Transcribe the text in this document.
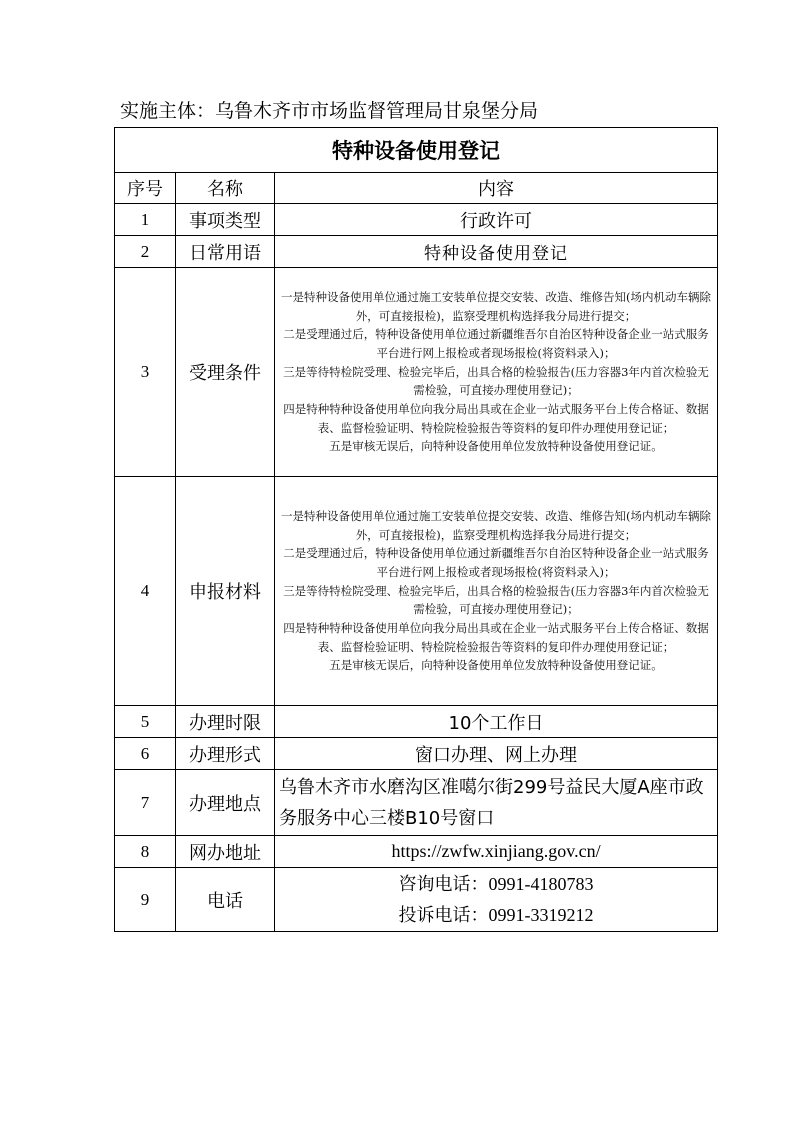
实施主体：乌鲁木齐市市场监督管理局甘泉堡分局
特种设备使用登记		
序号	名称	内容
1	事项类型	行政许可
2	日常用语	特种设备使用登记
3	受理条件	一是特种设备使用单位通过施工安装单位提交安装、改造、维修告知(场内机动车辆除外，可直接报检)，监察受理机构选择我分局进行提交；
二是受理通过后，特种设备使用单位通过新疆维吾尔自治区特种设备企业一站式服务平台进行网上报检或者现场报检(将资料录入)；
三是等待特检院受理、检验完毕后，出具合格的检验报告(压力容器3年内首次检验无需检验，可直接办理使用登记)；
四是特种特种设备使用单位向我分局出具或在企业一站式服务平台上传合格证、数据表、监督检验证明、特检院检验报告等资料的复印件办理使用登记证；
五是审核无误后，向特种设备使用单位发放特种设备使用登记证。

4	申报材料	一是特种设备使用单位通过施工安装单位提交安装、改造、维修告知(场内机动车辆除外，可直接报检)，监察受理机构选择我分局进行提交；
二是受理通过后，特种设备使用单位通过新疆维吾尔自治区特种设备企业一站式服务平台进行网上报检或者现场报检(将资料录入)；
三是等待特检院受理、检验完毕后，出具合格的检验报告(压力容器3年内首次检验无需检验，可直接办理使用登记)；
四是特种特种设备使用单位向我分局出具或在企业一站式服务平台上传合格证、数据表、监督检验证明、特检院检验报告等资料的复印件办理使用登记证；
五是审核无误后，向特种设备使用单位发放特种设备使用登记证。

5	办理时限	10个工作日
6	办理形式	窗口办理、网上办理
7	办理地点	乌鲁木齐市水磨沟区准噶尔街299号益民大厦A座市政务服务中心三楼B10号窗口
8	网办地址	https://zwfw.xinjiang.gov.cn/
9	电话	咨询电话：0991-4180783
投诉电话：0991-3319212
